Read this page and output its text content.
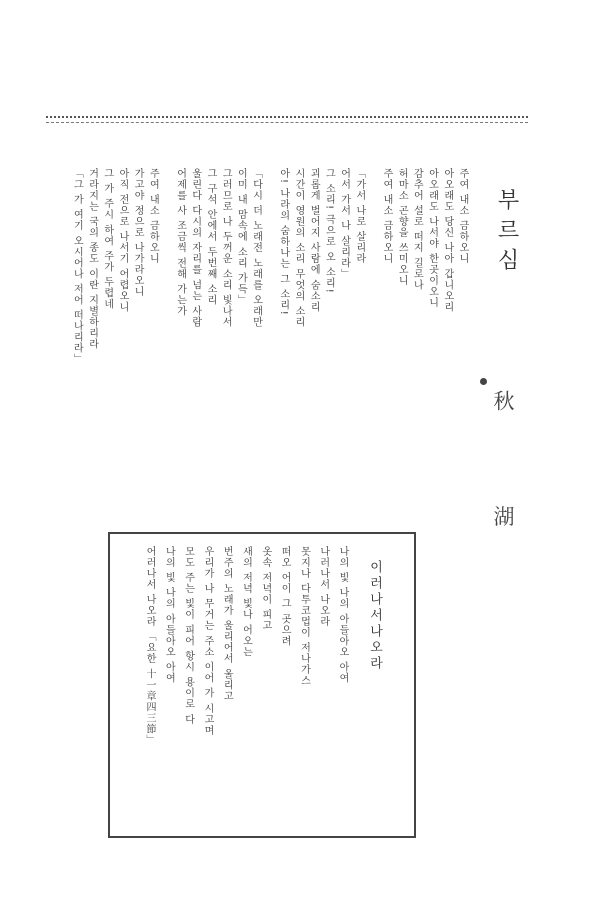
부르심
秋 湖
주여 내소 금하오니
아오래도 당신 나아 갑니오리
아오래도 나서야 한곳이오니
감추어 설로 떠지 길로나
허마소 곤향을 쓰미오니
주여 내소 금하오니
「가서 나로 살리라
어서 가서 나 살리라」
그 소리! 극으로 오 소리!
괴롭게 벌어지 사람에 숨소리
시간이 영원의 소리 무엇의 소리
아! 나라의 숨하나는 그 소리!
「다시 더 노래전 노래를 오래만
이미 내 맘속에 소리 가득」
그러므로 나 두꺼운 소리 빛나서
그 구석 안에서 두번째 소리
울린다 다시의 자리를 넘는 사람
어제를 사 조금씩 전해 가는가
주여 내소 금하오니
가고야 정으로 나가라오니
아직 전으로 나서기 어렵오니
그 가 주시 하여 주가 두렵네
거라지는 국의 종도 이란 지별하리라
「그 가 여기 오시어나 저어 떠나리라」
이러나서나오라
나의 빛 나의 아들아오 아여
나러나서 나오라
못지나 다투코멉이 저나가스
떠오 어이 그 곳으려
옷속 저녁이 피고
새의 저녁 빛나 어오는
번주의 노래가 울리어서 울리고
우리가 나 무거는 주소 이어 가 시고며
모도 주는 빛이 피어 항시 용이로 다
나의 빛 나의 아들아오 아여
어러나서 나오라 「요한 十一章四三節」
